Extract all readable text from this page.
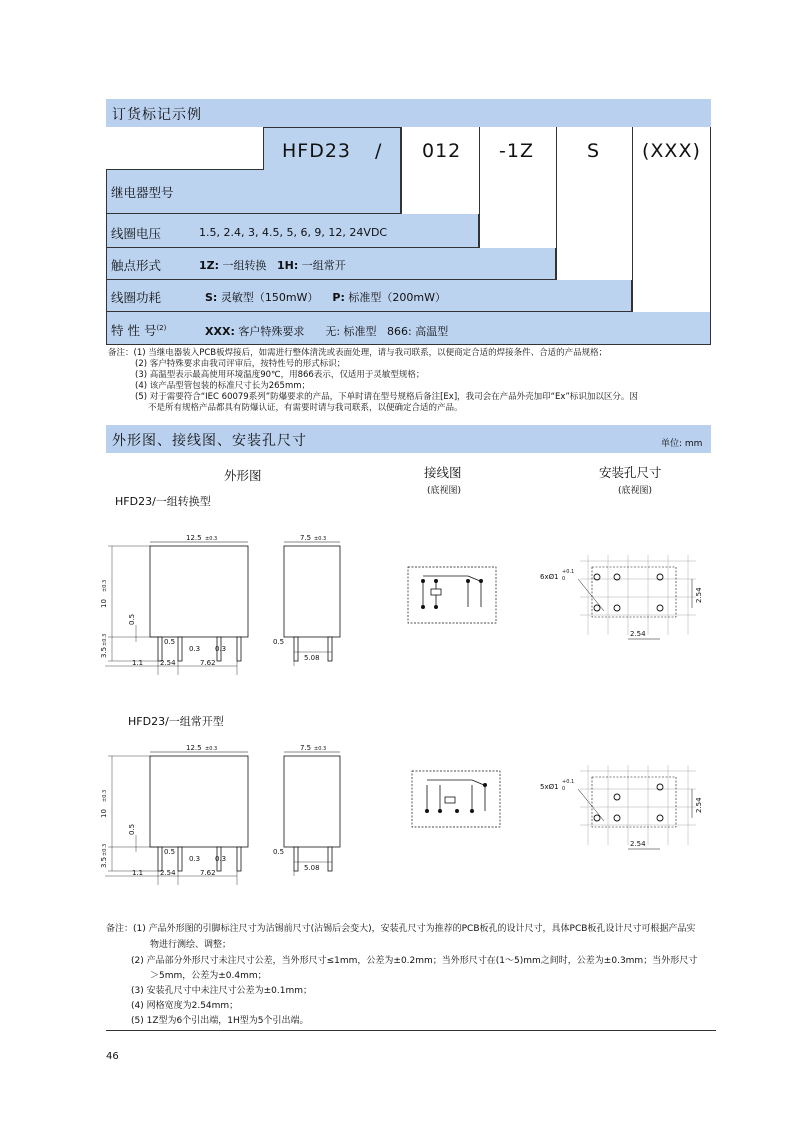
订货标记示例
HFD23 / 012 -1Z	S (XXX)
继电器型号
线圈电压	1.5, 2.4, 3, 4.5, 5, 6, 9, 12, 24VDC
触点形式	1Z: 一组转换   1H: 一组常开
线圈功耗	S: 灵敏型（150mW）    P: 标准型（200mW）
特 性 号$^{(2)}$	XXX: 客户特殊要求      无: 标准型   866: 高温型
备注：(1) 当继电器装入PCB板焊接后，如需进行整体清洗或表面处理，请与我司联系，以便商定合适的焊接条件、合适的产品规格；
(2) 客户特殊要求由我司评审后，按特性号的形式标识；
(3) 高温型表示最高使用环境温度90℃，用866表示，仅适用于灵敏型规格；
(4) 该产品型管包装的标准尺寸长为265mm；
(5) 对于需要符合“IEC 60079系列”防爆要求的产品，下单时请在型号规格后备注[Ex]，我司会在产品外壳加印“Ex”标识加以区分。因
不是所有规格产品都具有防爆认证，有需要时请与我司联系，以便确定合适的产品。
外形图、接线图、安装孔尺寸	单位: mm
外形图	接线图
(底视图)
安装孔尺寸
(底视图)
HFD23/一组转换型
HFD23/一组常开型
12.5 ±0.3
10
±0.3
0.5
3.5
±0.3	0.5
0.3 0.3
1.1 2.54	7.62
7.5 ±0.3
0.5
5.08
6xØ1
+0.1
0
2.54
2.54
12.5 ±0.3
10
±0.3
0.5
3.5
±0.3	0.5
0.3 0.3
1.1 2.54	7.62
7.5 ±0.3
0.5
5.08
5xØ1
+0.1
0
2.54
2.54
备注：(1) 产品外形图的引脚标注尺寸为沾锡前尺寸(沾锡后会变大)，安装孔尺寸为推荐的PCB板孔的设计尺寸，具体PCB板孔设计尺寸可根据产品实
物进行测绘、调整；
(2) 产品部分外形尺寸未注尺寸公差，当外形尺寸≤1mm，公差为±0.2mm；当外形尺寸在(1～5)mm之间时，公差为±0.3mm；当外形尺寸
＞5mm，公差为±0.4mm；
(3) 安装孔尺寸中未注尺寸公差为±0.1mm；
(4) 网格宽度为2.54mm；
(5) 1Z型为6个引出端，1H型为5个引出端。
46
